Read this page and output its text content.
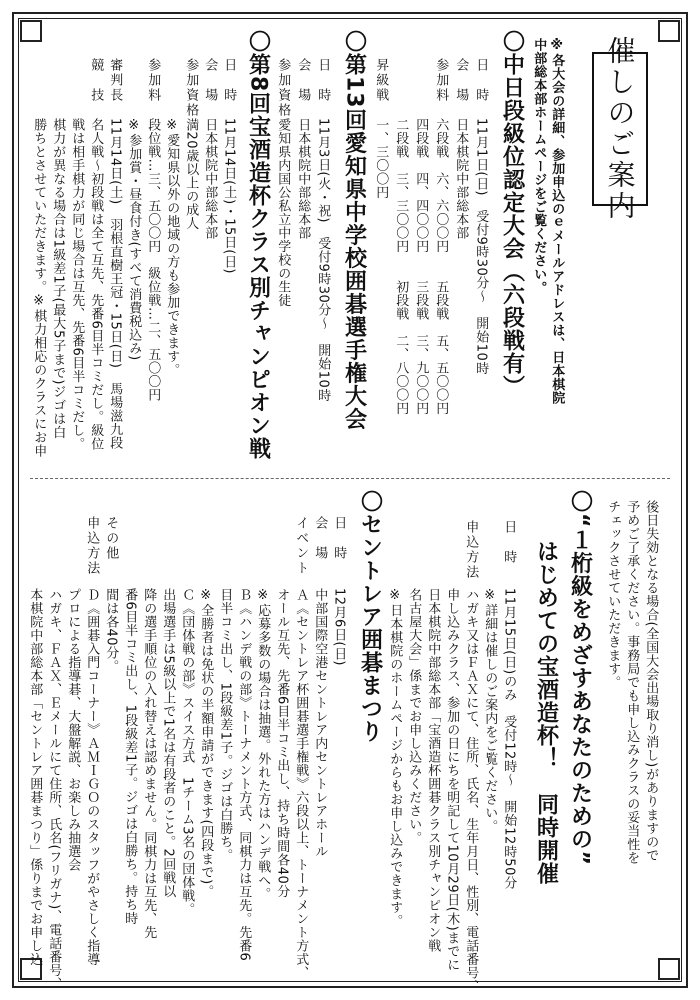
催しのご案内
※各大会の詳細、参加申込のｅメールアドレスは、日本棋院
中部総本部ホームページをご覧ください。
〇中日段級位認定大会（六段戦有）
日　時
11月1日(日)　受付9時30分～　開始10時
会　場
日本棋院中部総本部
参加料
六段戦　六、六〇〇円　　五段戦　五、五〇〇円
四段戦　四、四〇〇円　　三段戦　三、九〇〇円
二段戦　三、三〇〇円　　初段戦　二、八〇〇円
昇級戦
一、三〇〇円
〇第13回愛知県中学校囲碁選手権大会
日　時
11月3日(火・祝)　受付9時30分～　開始10時
会　場
日本棋院中部総本部
参加資格
愛知県内国公私立中学校の生徒
〇第8回宝酒造杯クラス別チャンピオン戦
日　時
11月14日(土)・15日(日)
会　場
日本棋院中部総本部
参加資格
満20歳以上の成人
※愛知県以外の地域の方も参加できます。
参加料
段位戦…三、五〇〇円　級位戦…二、五〇〇円
※参加賞・昼食付き(すべて消費税込み)
審判長
11月14日(土)　羽根直樹王冠・15日(日)　馬場滋九段
競　技
名人戦～初段戦は全て互先、先番6目半コミだし。級位
戦は相手棋力が同じ場合は互先、先番6目半コミだし。
棋力が異なる場合は1級差1子(最大5子まで)ジゴは白
勝ちとさせていただきます。※棋力相応のクラスにお申
後日失効となる場合(全国大会出場取り消し)がありますので
予めご了承ください。事務局でも申し込みクラスの妥当性を
チェックさせていただきます。
〇“１桁級をめざすあなたのための”
はじめての宝酒造杯！　同時開催
日　時
11月15日(日)のみ　受付12時～　開始12時50分
※詳細は催しのご案内をご覧ください。
申込方法
ハガキ又はＦＡＸにて、住所、氏名、生年月日、性別、電話番号、
申し込みクラス、参加の日にちを明記して10月29日(木)までに
日本棋院中部総本部「宝酒造杯囲碁クラス別チャンピオン戦
名古屋大会」係までお申し込みください。
※日本棋院のホームページからもお申し込みできます。
〇セントレア囲碁まつり
日　時
12月6日(日)
会　場
中部国際空港セントレア内セントレアホール
イベント
Ａ《セントレア杯囲碁選手権戦》六段以上、トーナメント方式、
オール互先、先番6目半コミ出し、持ち時間各40分
※応募多数の場合は抽選。外れた方はハンデ戦へ。
Ｂ《ハンデ戦の部》トーナメント方式、同棋力は互先。先番6
目半コミ出し、1段級差1子。ジゴは白勝ち。
※全勝者は免状の半額申請ができます(四段まで)。
Ｃ《団体戦の部》スイス方式　1チーム3名の団体戦。
出場選手は5級以上で1名は有段者のこと。2回戦以
降の選手順位の入れ替えは認めません。同棋力は互先、先
番6目半コミ出し、1段級差1子。ジゴは白勝ち。持ち時
間は各40分。
Ｄ《囲碁入門コーナー》ＡＭＩＧＯのスタッフがやさしく指導
その他
プロによる指導碁、大盤解説、お楽しみ抽選会
申込方法
ハガキ、ＦＡＸ、Ｅメールにて住所、氏名(フリガナ)、電話番号、
本棋院中部総本部「セントレア囲碁まつり」係りまでお申し込
